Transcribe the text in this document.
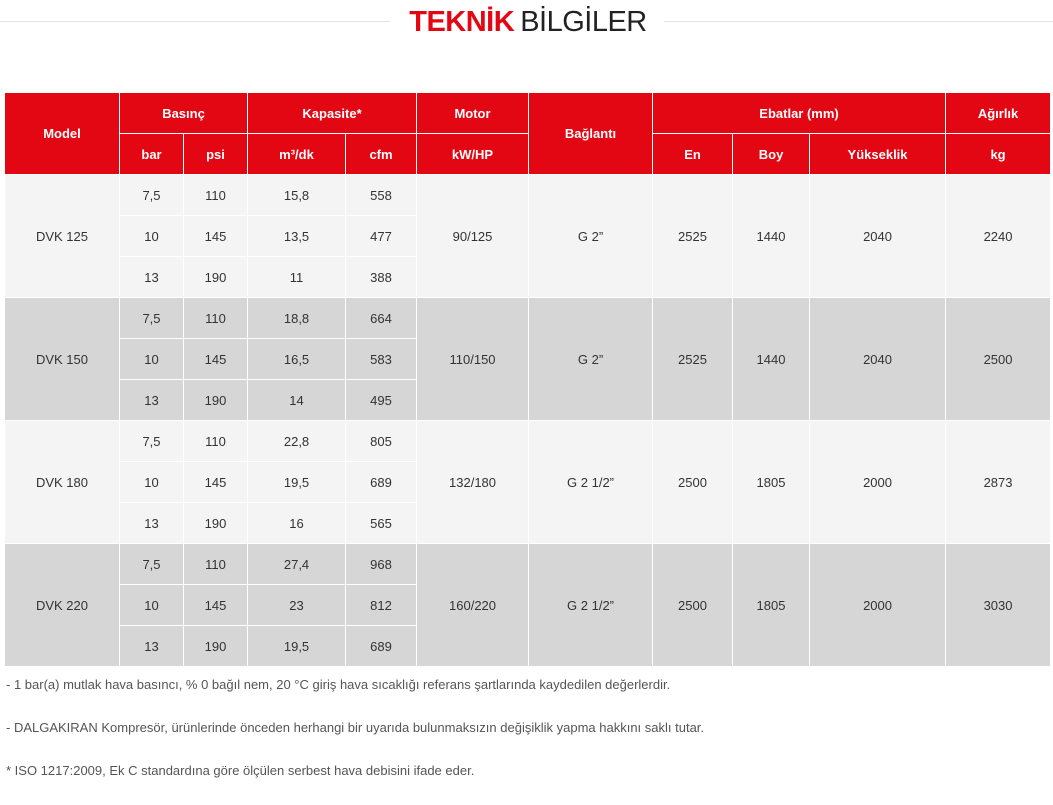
TEKNİK BİLGİLER
Model	Basınç		Kapasite*		Motor	Bağlantı	Ebatlar (mm)			Ağırlık
	bar	psi	m³/dk	cfm	kW/HP		En	Boy	Yükseklik	kg
DVK 125	7,5	110	15,8	558	90/125	G 2”	2525	1440	2040	2240
	10	145	13,5	477						
	13	190	11	388						
DVK 150	7,5	110	18,8	664	110/150	G 2”	2525	1440	2040	2500
	10	145	16,5	583						
	13	190	14	495						
DVK 180	7,5	110	22,8	805	132/180	G 2 1/2”	2500	1805	2000	2873
	10	145	19,5	689						
	13	190	16	565						
DVK 220	7,5	110	27,4	968	160/220	G 2 1/2”	2500	1805	2000	3030
	10	145	23	812						
	13	190	19,5	689						
- 1 bar(a) mutlak hava basıncı, % 0 bağıl nem, 20 °C giriş hava sıcaklığı referans şartlarında kaydedilen değerlerdir.
- DALGAKIRAN Kompresör, ürünlerinde önceden herhangi bir uyarıda bulunmaksızın değişiklik yapma hakkını saklı tutar.
* ISO 1217:2009, Ek C standardına göre ölçülen serbest hava debisini ifade eder.
